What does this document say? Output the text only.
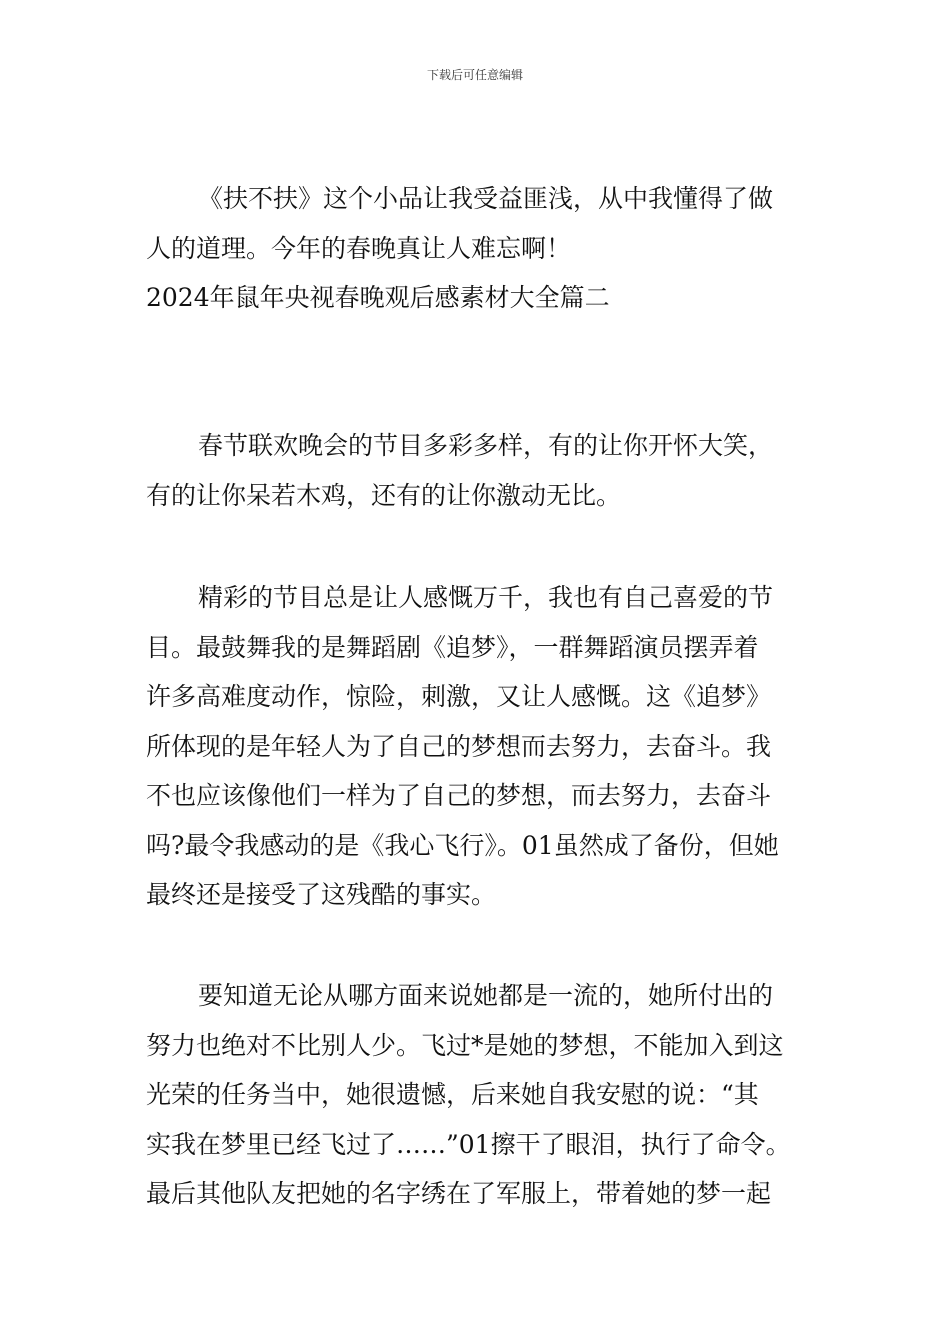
下载后可任意编辑
《扶不扶》这个小品让我受益匪浅，从中我懂得了做
人的道理。今年的春晚真让人难忘啊！
2024年鼠年央视春晚观后感素材大全篇二
春节联欢晚会的节目多彩多样，有的让你开怀大笑，
有的让你呆若木鸡，还有的让你激动无比。
精彩的节目总是让人感慨万千，我也有自己喜爱的节
目。最鼓舞我的是舞蹈剧《追梦》，一群舞蹈演员摆弄着
许多高难度动作，惊险，刺激，又让人感慨。这《追梦》
所体现的是年轻人为了自己的梦想而去努力，去奋斗。我
不也应该像他们一样为了自己的梦想，而去努力，去奋斗
吗?最令我感动的是《我心飞行》。01虽然成了备份，但她
最终还是接受了这残酷的事实。
要知道无论从哪方面来说她都是一流的，她所付出的
努力也绝对不比别人少。飞过*是她的梦想，不能加入到这
光荣的任务当中，她很遗憾，后来她自我安慰的说：“其
实我在梦里已经飞过了……”01擦干了眼泪，执行了命令。
最后其他队友把她的名字绣在了军服上，带着她的梦一起
